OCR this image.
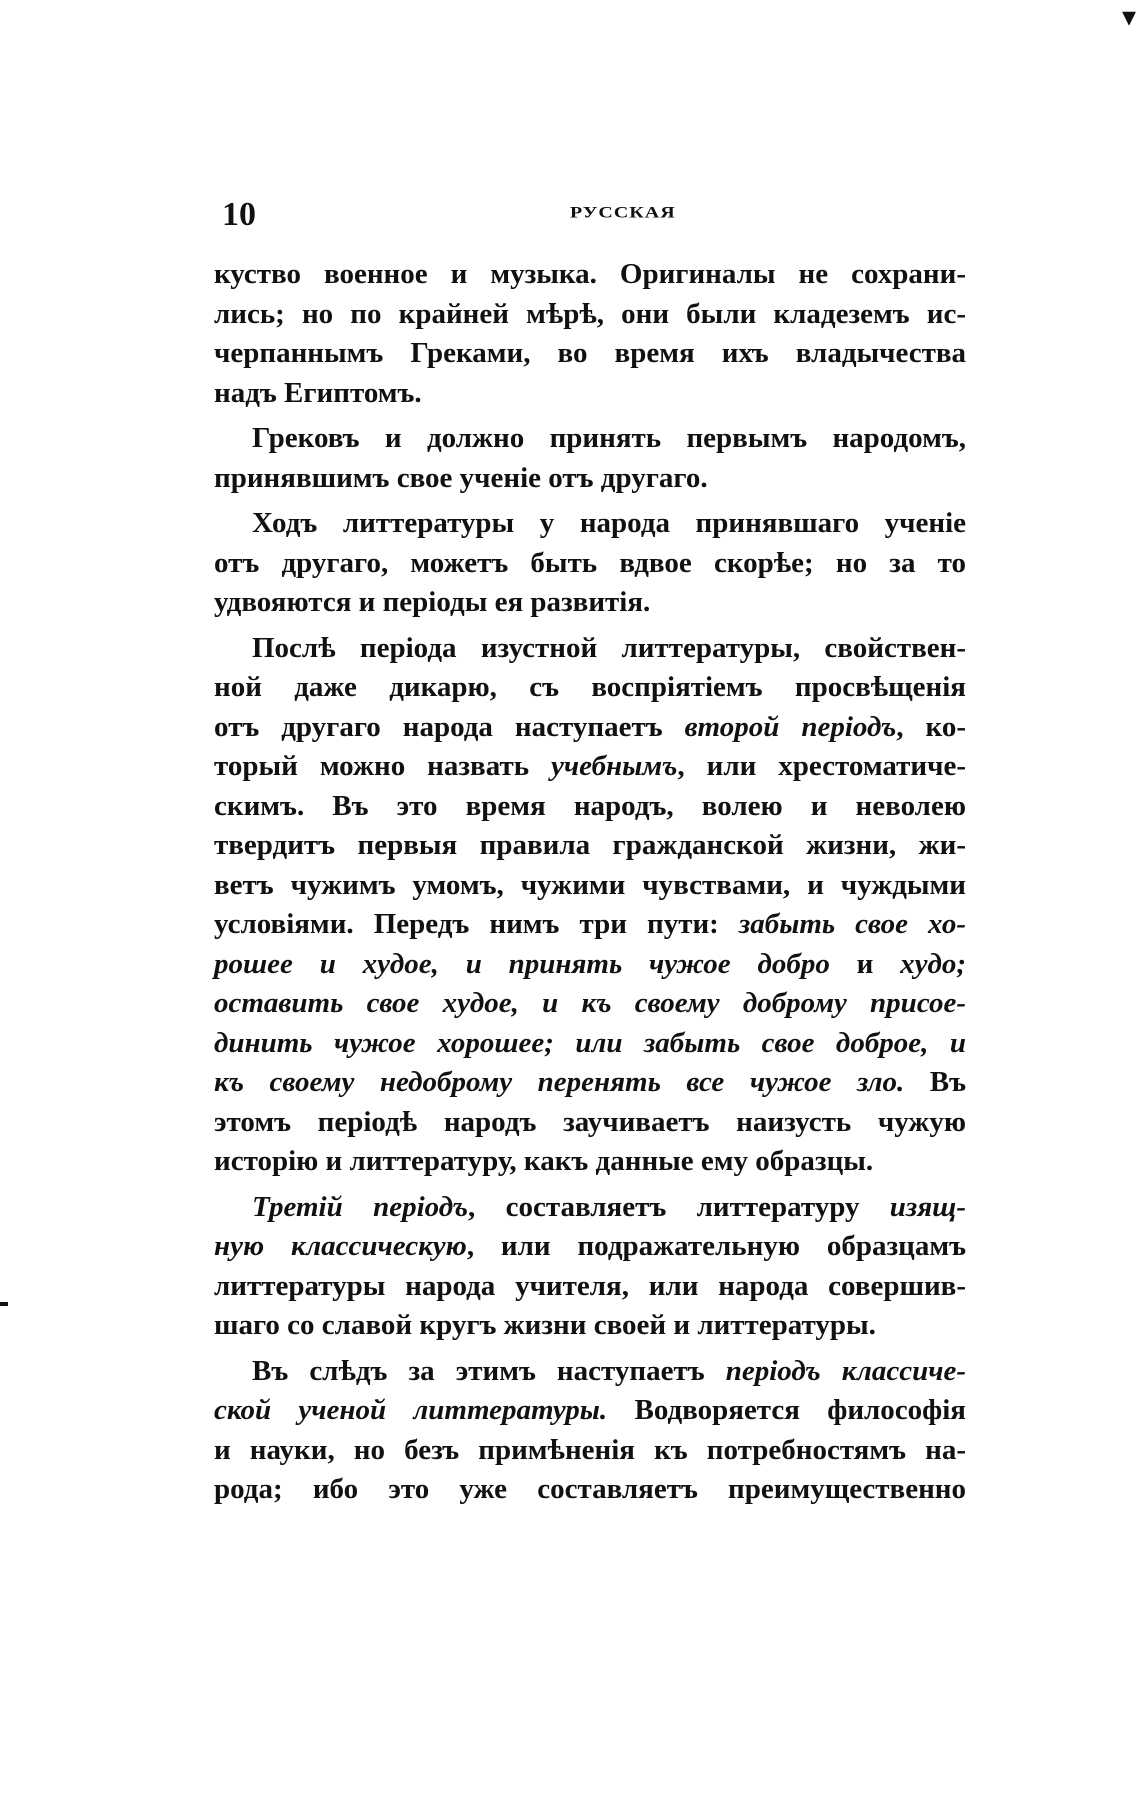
▾
10	РУССКАЯ
куство военное и музыка. Оригиналы не сохрани-
лись; но по крайней мѣрѣ, они были кладеземъ ис-
черпаннымъ Греками, во время ихъ владычества
надъ Египтомъ.
Грековъ и должно принять первымъ народомъ,
принявшимъ свое ученіе отъ другаго.
Ходъ литтературы у народа принявшаго ученіе
отъ другаго, можетъ быть вдвое скорѣе; но за то
удвояются и періоды ея развитія.
Послѣ періода изустной литтературы, свойствен-
ной даже дикарю, съ воспріятіемъ просвѣщенія
отъ другаго народа наступаетъ второй періодъ, ко-
торый можно назвать учебнымъ, или хрестоматиче-
скимъ. Въ это время народъ, волею и неволею
твердитъ первыя правила гражданской жизни, жи-
ветъ чужимъ умомъ, чужими чувствами, и чуждыми
условіями. Передъ нимъ три пути: забыть свое хо-
рошее и худое, и принять чужое добро и худо;
оставить свое худое, и къ своему доброму присое-
динить чужое хорошее; или забыть свое доброе, и
къ своему недоброму перенять все чужое зло. Въ
этомъ періодѣ народъ заучиваетъ наизусть чужую
исторію и литтературу, какъ данные ему образцы.
Третій періодъ, составляетъ литтературу изящ-
ную классическую, или подражательную образцамъ
литтературы народа учителя, или народа совершив-
шаго со славой кругъ жизни своей и литтературы.
Въ слѣдъ за этимъ наступаетъ періодъ классиче-
ской ученой литтературы. Водворяется философія
и науки, но безъ примѣненія къ потребностямъ на-
рода; ибо это уже составляетъ преимущественно
